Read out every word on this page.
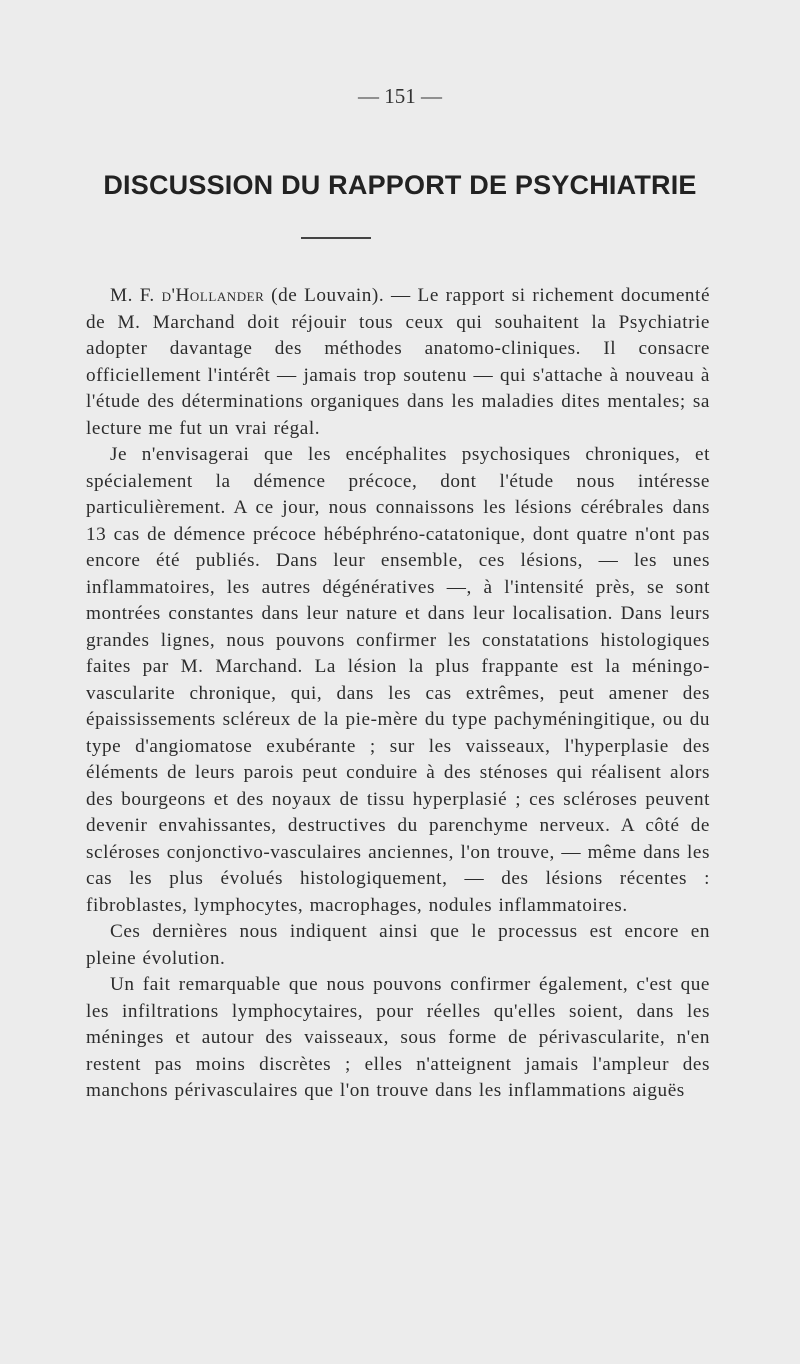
— 151 —
DISCUSSION DU RAPPORT DE PSYCHIATRIE

M. F. d'Hollander (de Louvain). — Le rapport si richement documenté de M. Marchand doit réjouir tous ceux qui souhaitent la Psychiatrie adopter davantage des méthodes anatomo-cliniques. Il consacre officiellement l'intérêt — jamais trop soutenu — qui s'attache à nouveau à l'étude des déterminations organiques dans les maladies dites mentales; sa lecture me fut un vrai régal.

Je n'envisagerai que les encéphalites psychosiques chroniques, et spécialement la démence précoce, dont l'étude nous intéresse particulièrement. A ce jour, nous connaissons les lésions cérébrales dans 13 cas de démence précoce hébéphréno-catatonique, dont quatre n'ont pas encore été publiés. Dans leur ensemble, ces lésions, — les unes inflammatoires, les autres dégénératives —, à l'intensité près, se sont montrées constantes dans leur nature et dans leur localisation. Dans leurs grandes lignes, nous pouvons confirmer les constatations histologiques faites par M. Marchand. La lésion la plus frappante est la méningo-vascularite chronique, qui, dans les cas extrêmes, peut amener des épaississements scléreux de la pie-mère du type pachyméningitique, ou du type d'angiomatose exubérante ; sur les vaisseaux, l'hyperplasie des éléments de leurs parois peut conduire à des sténoses qui réalisent alors des bourgeons et des noyaux de tissu hyperplasié ; ces scléroses peuvent devenir envahissantes, destructives du parenchyme nerveux. A côté de scléroses conjonctivo-vasculaires anciennes, l'on trouve, — même dans les cas les plus évolués histologiquement, — des lésions récentes : fibroblastes, lymphocytes, macrophages, nodules inflammatoires.

Ces dernières nous indiquent ainsi que le processus est encore en pleine évolution.

Un fait remarquable que nous pouvons confirmer également, c'est que les infiltrations lymphocytaires, pour réelles qu'elles soient, dans les méninges et autour des vaisseaux, sous forme de périvascularite, n'en restent pas moins discrètes ; elles n'atteignent jamais l'ampleur des manchons périvasculaires que l'on trouve dans les inflammations aiguës
